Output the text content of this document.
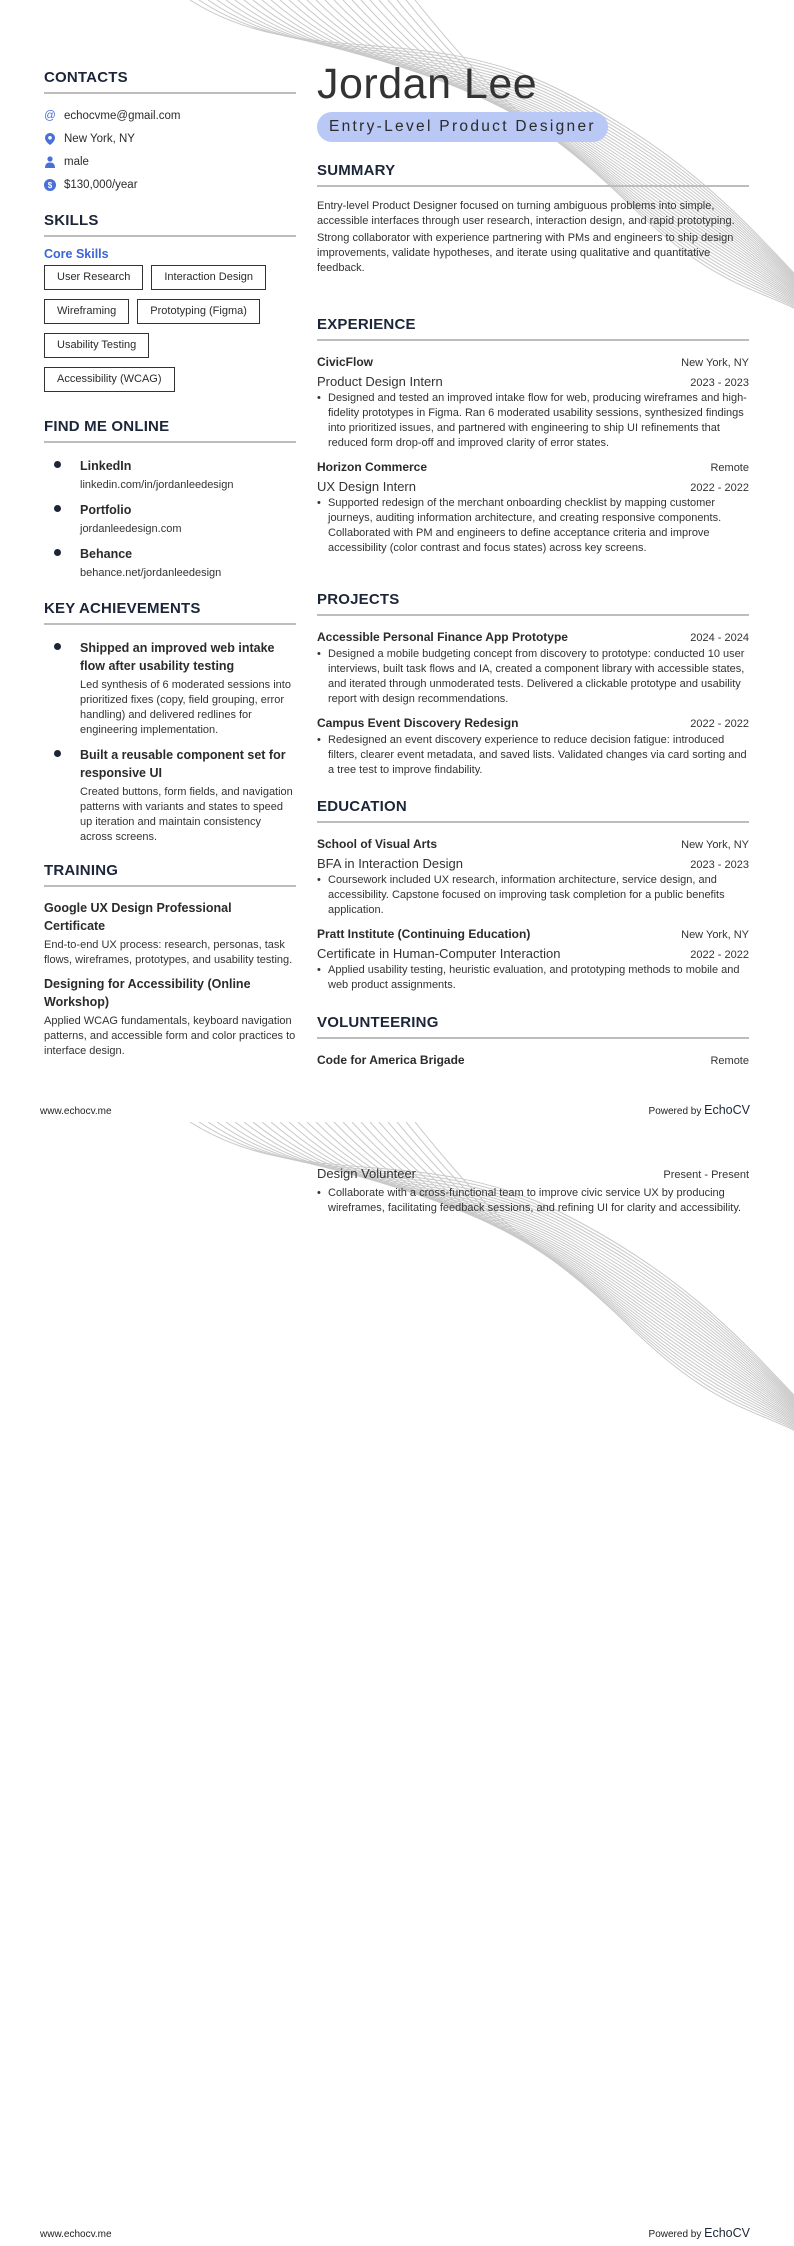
CONTACTS
@ echocvme@gmail.com
New York, NY
male
$ $130,000/year
SKILLS
Core Skills
User Research	Interaction Design
Wireframing	Prototyping (Figma)
Usability Testing
Accessibility (WCAG)
FIND ME ONLINE
LinkedIn
linkedin.com/in/jordanleedesign
Portfolio
jordanleedesign.com
Behance
behance.net/jordanleedesign
KEY ACHIEVEMENTS
Shipped an improved web intake flow after usability testing
Led synthesis of 6 moderated sessions into prioritized fixes (copy, field grouping, error handling) and delivered redlines for engineering implementation.
Built a reusable component set for responsive UI
Created buttons, form fields, and navigation patterns with variants and states to speed up iteration and maintain consistency across screens.
TRAINING
Google UX Design Professional Certificate
End-to-end UX process: research, personas, task flows, wireframes, prototypes, and usability testing.
Designing for Accessibility (Online Workshop)
Applied WCAG fundamentals, keyboard navigation patterns, and accessible form and color practices to interface design.
Jordan Lee
Entry-Level Product Designer
SUMMARY

Entry-level Product Designer focused on turning ambiguous problems into simple, accessible interfaces through user research, interaction design, and rapid prototyping.

Strong collaborator with experience partnering with PMs and engineers to ship design improvements, validate hypotheses, and iterate using qualitative and quantitative feedback.

EXPERIENCE
CivicFlow	New York, NY
Product Design Intern	2023 - 2023
• Designed and tested an improved intake flow for web, producing wireframes and high-fidelity prototypes in Figma. Ran 6 moderated usability sessions, synthesized findings into prioritized issues, and partnered with engineering to ship UI refinements that reduced form drop-off and improved clarity of error states.
Horizon Commerce	Remote
UX Design Intern	2022 - 2022
• Supported redesign of the merchant onboarding checklist by mapping customer journeys, auditing information architecture, and creating responsive components. Collaborated with PM and engineers to define acceptance criteria and improve accessibility (color contrast and focus states) across key screens.
PROJECTS
Accessible Personal Finance App Prototype	2024 - 2024
• Designed a mobile budgeting concept from discovery to prototype: conducted 10 user interviews, built task flows and IA, created a component library with accessible states, and iterated through unmoderated tests. Delivered a clickable prototype and usability report with design recommendations.
Campus Event Discovery Redesign	2022 - 2022
• Redesigned an event discovery experience to reduce decision fatigue: introduced filters, clearer event metadata, and saved lists. Validated changes via card sorting and a tree test to improve findability.
EDUCATION
School of Visual Arts	New York, NY
BFA in Interaction Design	2023 - 2023
• Coursework included UX research, information architecture, service design, and accessibility. Capstone focused on improving task completion for a public benefits application.
Pratt Institute (Continuing Education)	New York, NY
Certificate in Human-Computer Interaction	2022 - 2022
• Applied usability testing, heuristic evaluation, and prototyping methods to mobile and web product assignments.
VOLUNTEERING
Code for America Brigade	Remote
www.echocv.me	Powered by EchoCV
Design Volunteer	Present - Present
• Collaborate with a cross-functional team to improve civic service UX by producing wireframes, facilitating feedback sessions, and refining UI for clarity and accessibility.
www.echocv.me	Powered by EchoCV
